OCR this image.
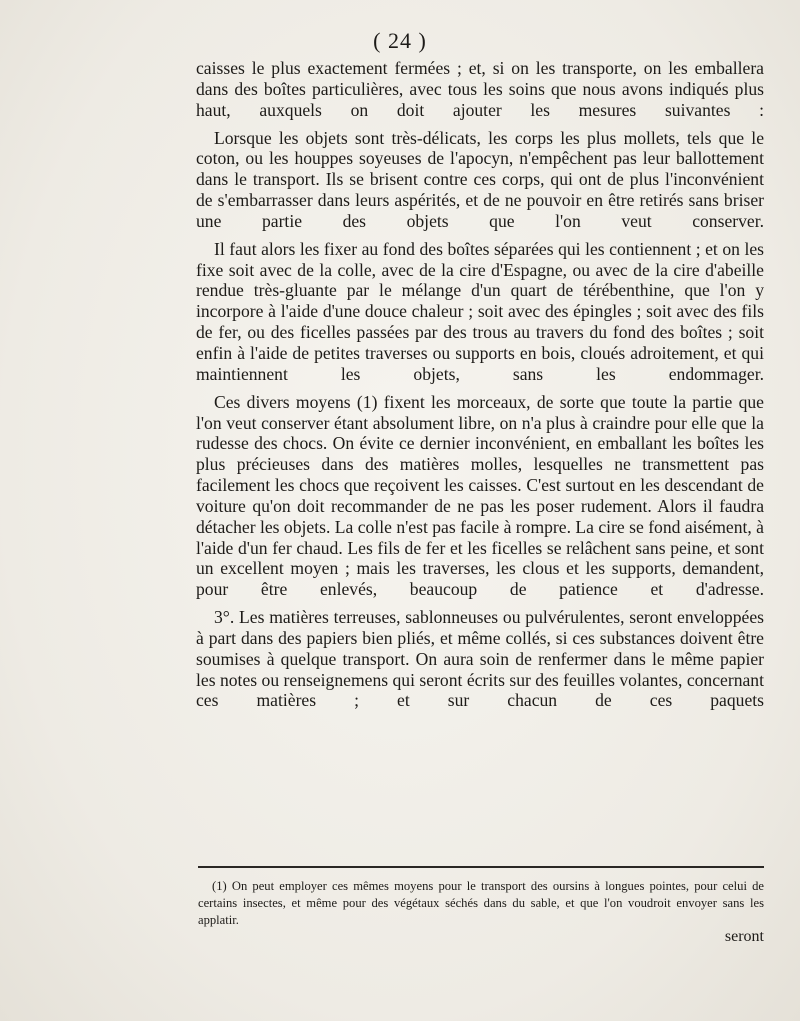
( 24 )

caisses le plus exactement fermées ; et, si on les transporte, on les emballera dans des boîtes particulières, avec tous les soins que nous avons indiqués plus haut, auxquels on doit ajouter les mesures suivantes :

Lorsque les objets sont très-délicats, les corps les plus mollets, tels que le coton, ou les houppes soyeuses de l'apocyn, n'empêchent pas leur ballottement dans le transport. Ils se brisent contre ces corps, qui ont de plus l'inconvénient de s'embarrasser dans leurs aspérités, et de ne pouvoir en être retirés sans briser une partie des objets que l'on veut conserver.

Il faut alors les fixer au fond des boîtes séparées qui les contiennent ; et on les fixe soit avec de la colle, avec de la cire d'Espagne, ou avec de la cire d'abeille rendue très-gluante par le mélange d'un quart de térébenthine, que l'on y incorpore à l'aide d'une douce chaleur ; soit avec des épingles ; soit avec des fils de fer, ou des ficelles passées par des trous au travers du fond des boîtes ; soit enfin à l'aide de petites traverses ou supports en bois, cloués adroitement, et qui maintiennent les objets, sans les endommager.

Ces divers moyens (1) fixent les morceaux, de sorte que toute la partie que l'on veut conserver étant absolument libre, on n'a plus à craindre pour elle que la rudesse des chocs. On évite ce dernier inconvénient, en emballant les boîtes les plus précieuses dans des matières molles, lesquelles ne transmettent pas facilement les chocs que reçoivent les caisses. C'est surtout en les descendant de voiture qu'on doit recommander de ne pas les poser rudement. Alors il faudra détacher les objets. La colle n'est pas facile à rompre. La cire se fond aisément, à l'aide d'un fer chaud. Les fils de fer et les ficelles se relâchent sans peine, et sont un excellent moyen ; mais les traverses, les clous et les supports, demandent, pour être enlevés, beaucoup de patience et d'adresse.

3°. Les matières terreuses, sablonneuses ou pulvérulentes, seront enveloppées à part dans des papiers bien pliés, et même collés, si ces substances doivent être soumises à quelque transport. On aura soin de renfermer dans le même papier les notes ou renseignemens qui seront écrits sur des feuilles volantes, concernant ces matières ; et sur chacun de ces paquets

(1) On peut employer ces mêmes moyens pour le transport des oursins à longues pointes, pour celui de certains insectes, et même pour des végétaux séchés dans du sable, et que l'on voudroit envoyer sans les applatir.
seront
